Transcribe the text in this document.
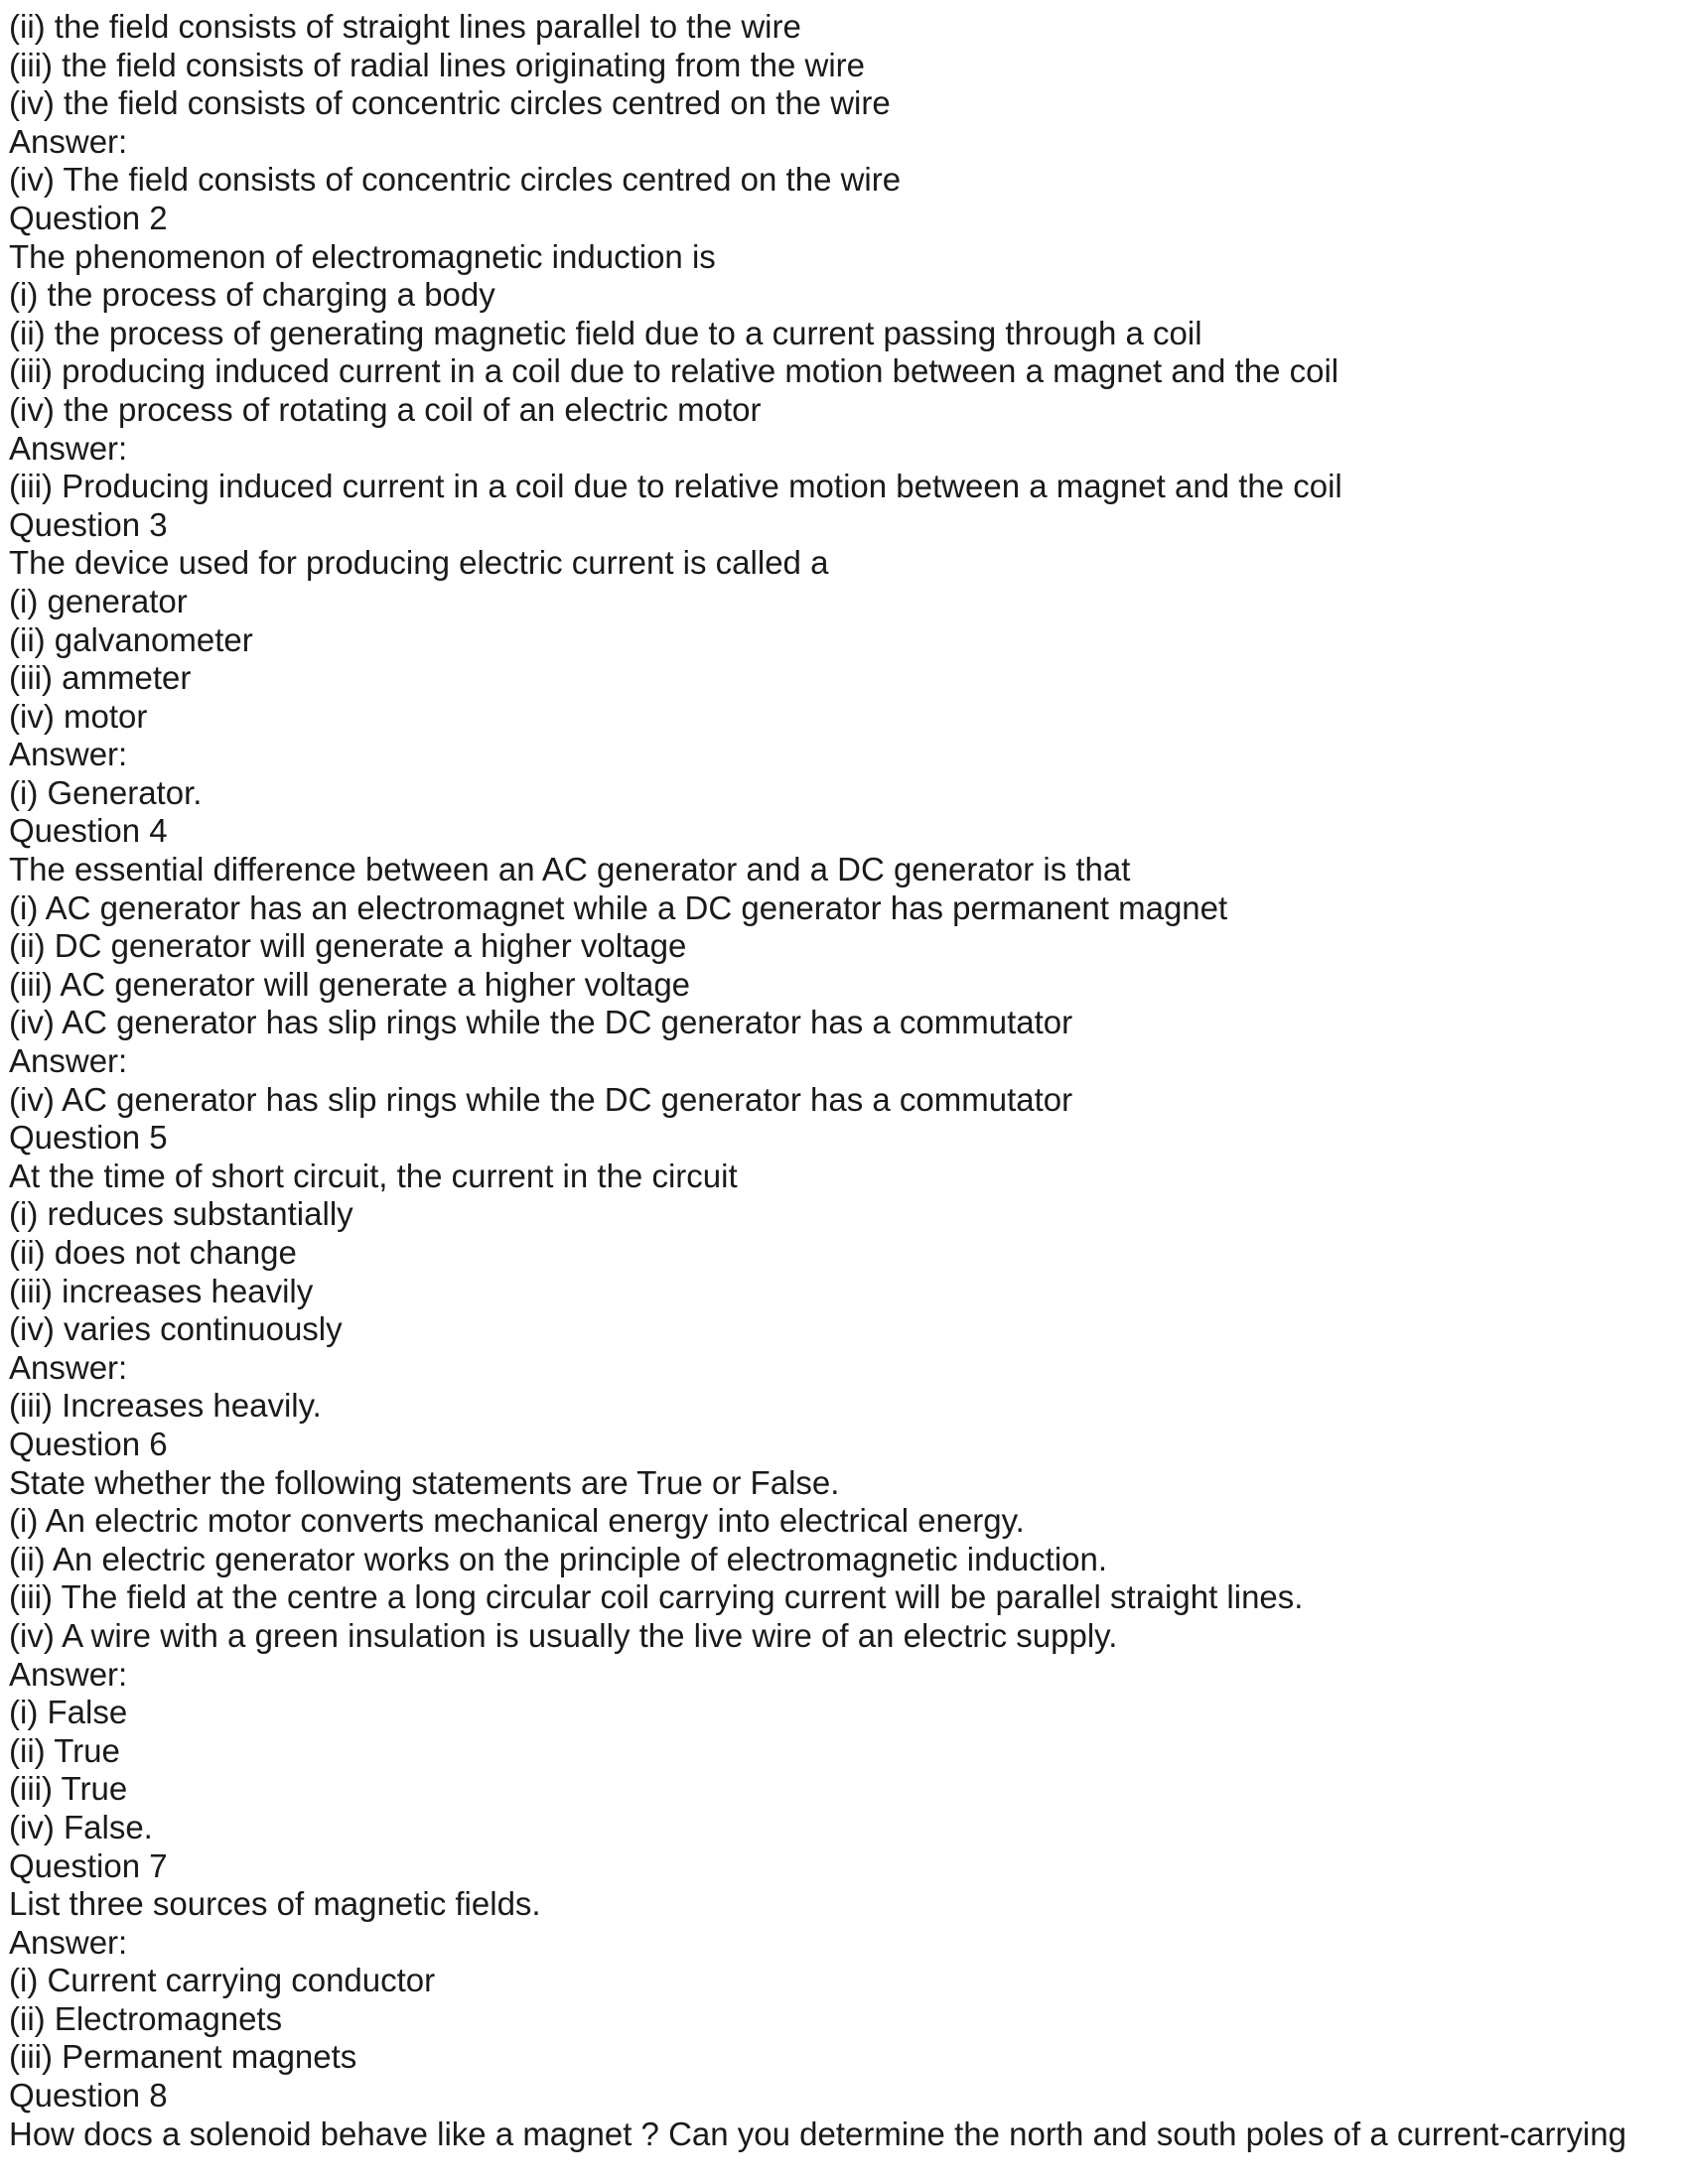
(ii) the field consists of straight lines parallel to the wire
(iii) the field consists of radial lines originating from the wire
(iv) the field consists of concentric circles centred on the wire
Answer:
(iv) The field consists of concentric circles centred on the wire
Question 2
The phenomenon of electromagnetic induction is
(i) the process of charging a body
(ii) the process of generating magnetic field due to a current passing through a coil
(iii) producing induced current in a coil due to relative motion between a magnet and the coil
(iv) the process of rotating a coil of an electric motor
Answer:
(iii) Producing induced current in a coil due to relative motion between a magnet and the coil
Question 3
The device used for producing electric current is called a
(i) generator
(ii) galvanometer
(iii) ammeter
(iv) motor
Answer:
(i) Generator.
Question 4
The essential difference between an AC generator and a DC generator is that
(i) AC generator has an electromagnet while a DC generator has permanent magnet
(ii) DC generator will generate a higher voltage
(iii) AC generator will generate a higher voltage
(iv) AC generator has slip rings while the DC generator has a commutator
Answer:
(iv) AC generator has slip rings while the DC generator has a commutator
Question 5
At the time of short circuit, the current in the circuit
(i) reduces substantially
(ii) does not change
(iii) increases heavily
(iv) varies continuously
Answer:
(iii) Increases heavily.
Question 6
State whether the following statements are True or False.
(i) An electric motor converts mechanical energy into electrical energy.
(ii) An electric generator works on the principle of electromagnetic induction.
(iii) The field at the centre a long circular coil carrying current will be parallel straight lines.
(iv) A wire with a green insulation is usually the live wire of an electric supply.
Answer:
(i) False
(ii) True
(iii) True
(iv) False.
Question 7
List three sources of magnetic fields.
Answer:
(i) Current carrying conductor
(ii) Electromagnets
(iii) Permanent magnets
Question 8
How docs a solenoid behave like a magnet ? Can you determine the north and south poles of a current-carrying
